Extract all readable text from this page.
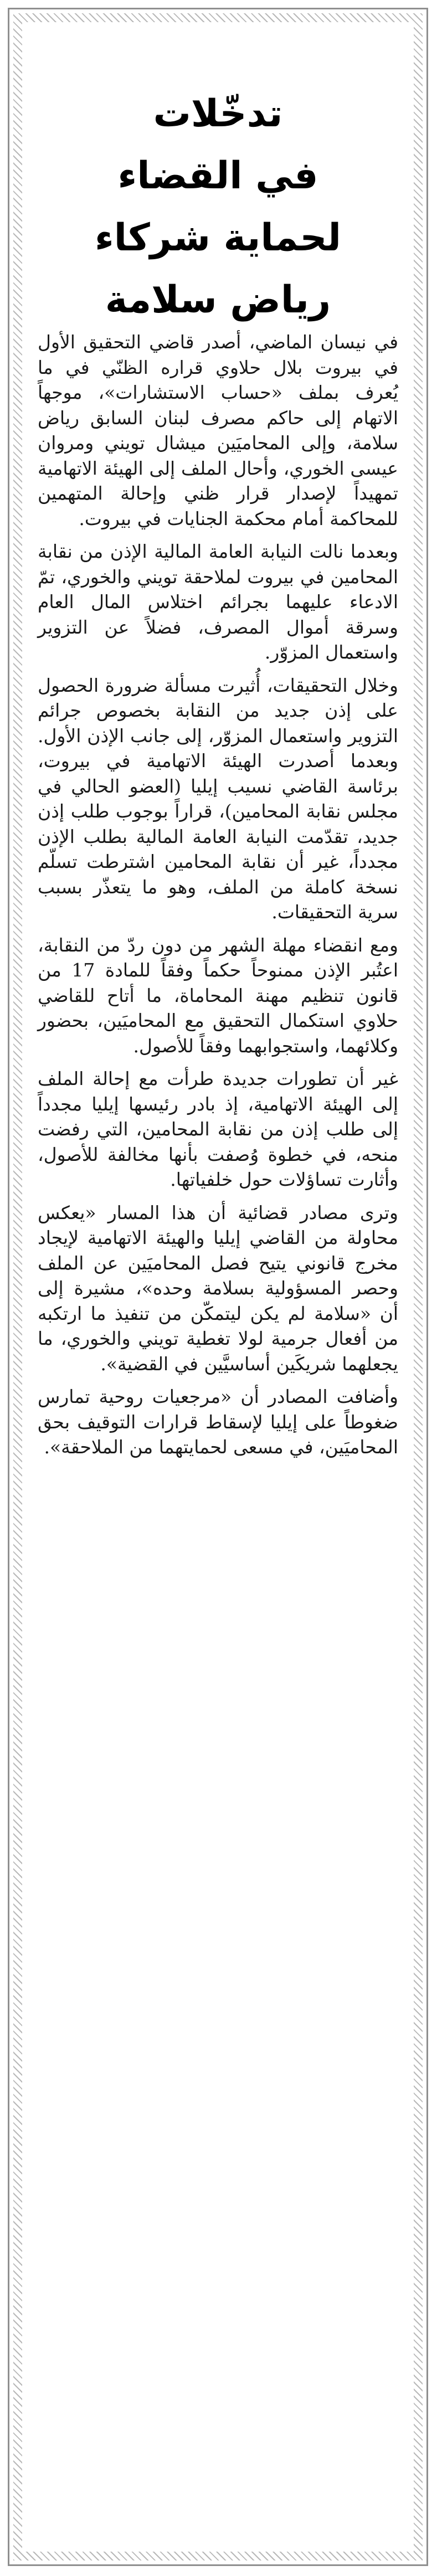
تدخّلات
في القضاء
لحماية شركاء
رياض سلامة

في نيسان الماضي، أصدر قاضي التحقيق الأول في بيروت بلال حلاوي قراره الظنّي في ما يُعرف بملف «حساب الاستشارات»، موجهاً الاتهام إلى حاكم مصرف لبنان السابق رياض سلامة، وإلى المحاميَين ميشال تويني ومروان عيسى الخوري، وأحال الملف إلى الهيئة الاتهامية تمهيداً لإصدار قرار ظني وإحالة المتهمين للمحاكمة أمام محكمة الجنايات في بيروت.

وبعدما نالت النيابة العامة المالية الإذن من نقابة المحامين في بيروت لملاحقة تويني والخوري، تمّ الادعاء عليهما بجرائم اختلاس المال العام وسرقة أموال المصرف، فضلاً عن التزوير واستعمال المزوّر.

وخلال التحقيقات، أُثيرت مسألة ضرورة الحصول على إذن جديد من النقابة بخصوص جرائم التزوير واستعمال المزوّر، إلى جانب الإذن الأول. وبعدما أصدرت الهيئة الاتهامية في بيروت، برئاسة القاضي نسيب إيليا (العضو الحالي في مجلس نقابة المحامين)، قراراً بوجوب طلب إذن جديد، تقدّمت النيابة العامة المالية بطلب الإذن مجدداً، غير أن نقابة المحامين اشترطت تسلّم نسخة كاملة من الملف، وهو ما يتعذّر بسبب سرية التحقيقات.

ومع انقضاء مهلة الشهر من دون ردّ من النقابة، اعتُبر الإذن ممنوحاً حكماً وفقاً للمادة 17 من قانون تنظيم مهنة المحاماة، ما أتاح للقاضي حلاوي استكمال التحقيق مع المحاميَين، بحضور وكلائهما، واستجوابهما وفقاً للأصول.

غير أن تطورات جديدة طرأت مع إحالة الملف إلى الهيئة الاتهامية، إذ بادر رئيسها إيليا مجدداً إلى طلب إذن من نقابة المحامين، التي رفضت منحه، في خطوة وُصفت بأنها مخالفة للأصول، وأثارت تساؤلات حول خلفياتها.

وترى مصادر قضائية أن هذا المسار «يعكس محاولة من القاضي إيليا والهيئة الاتهامية لإيجاد مخرج قانوني يتيح فصل المحاميَين عن الملف وحصر المسؤولية بسلامة وحده»، مشيرة إلى أن «سلامة لم يكن ليتمكّن من تنفيذ ما ارتكبه من أفعال جرمية لولا تغطية تويني والخوري، ما يجعلهما شريكَين أساسيَّين في القضية».

وأضافت المصادر أن «مرجعيات روحية تمارس ضغوطاً على إيليا لإسقاط قرارات التوقيف بحق المحاميَين، في مسعى لحمايتهما من الملاحقة».
